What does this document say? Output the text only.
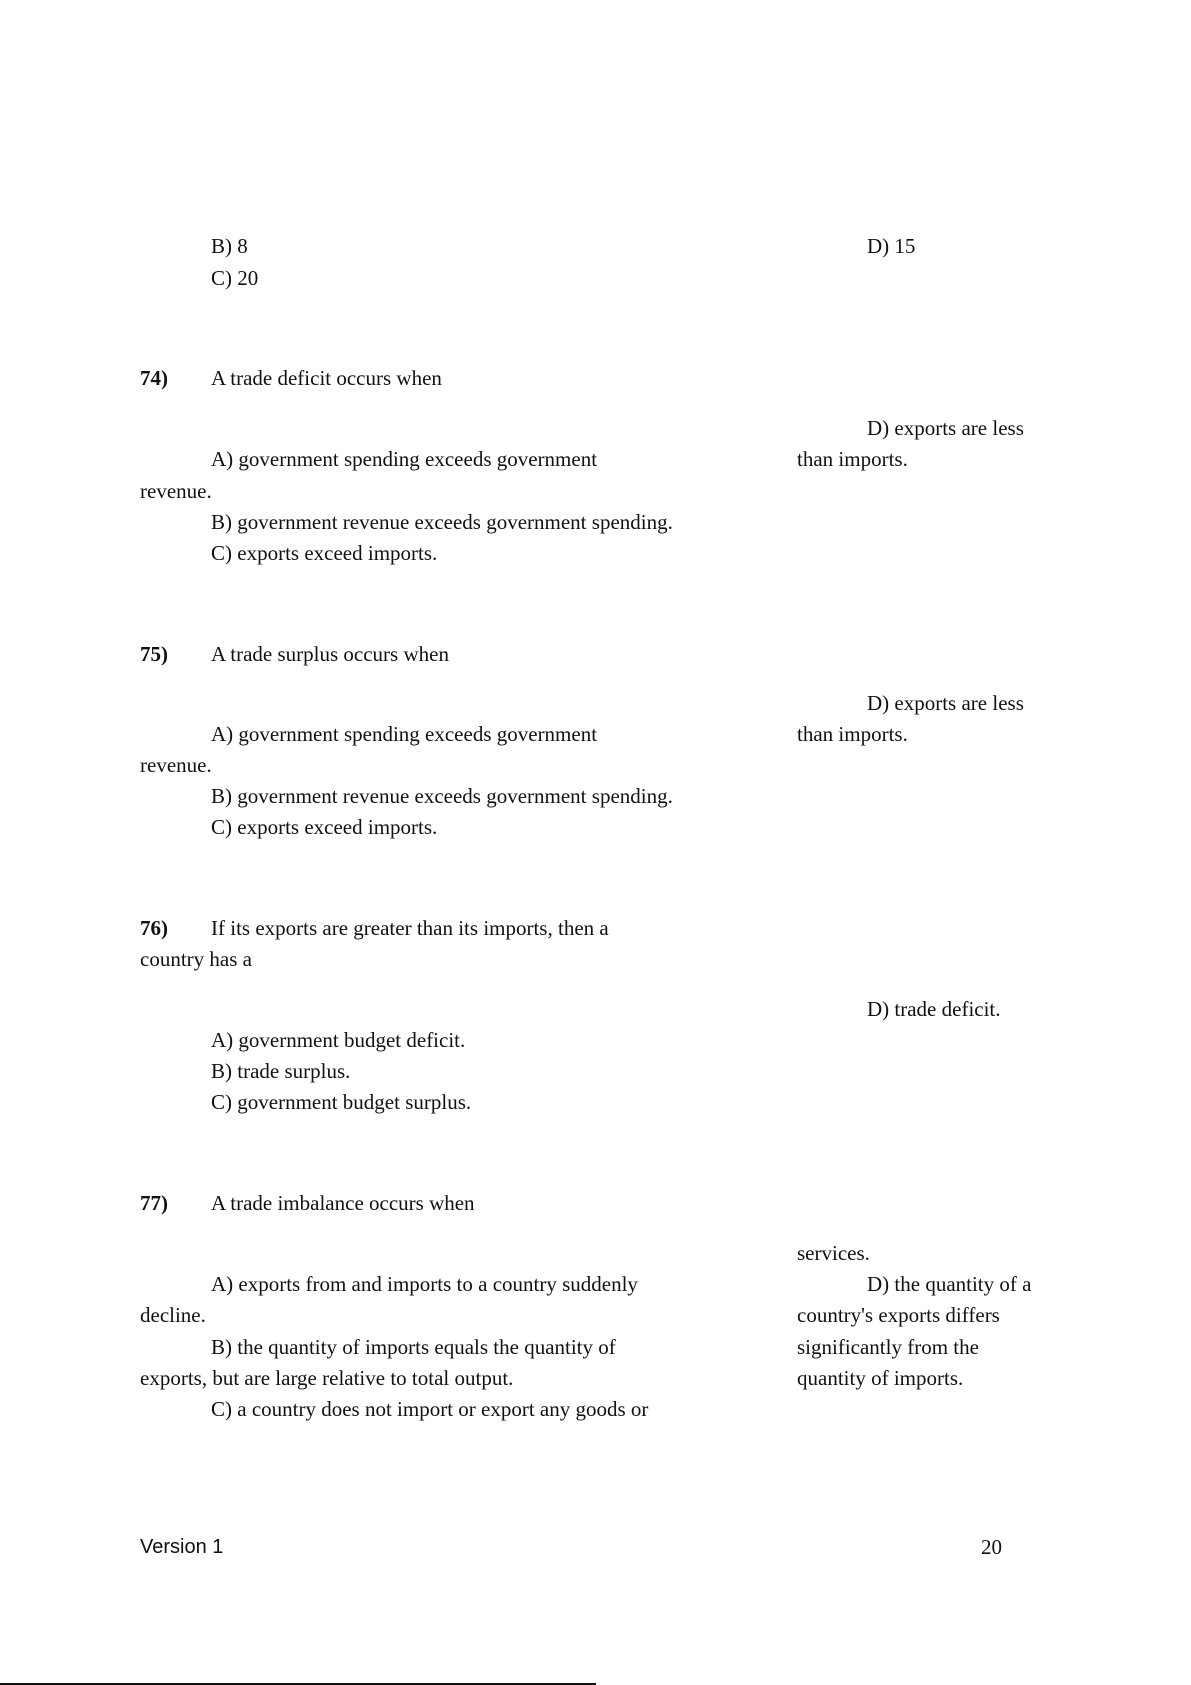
B) 8
C) 20
D) 15
74) A trade deficit occurs when
D) exports are less
than imports.
A) government spending exceeds government
revenue.
B) government revenue exceeds government spending.
C) exports exceed imports.
75) A trade surplus occurs when
D) exports are less
than imports.
A) government spending exceeds government
revenue.
B) government revenue exceeds government spending.
C) exports exceed imports.
76) If its exports are greater than its imports, then a
country has a
D) trade deficit.
A) government budget deficit.
B) trade surplus.
C) government budget surplus.
77) A trade imbalance occurs when
services.
D) the quantity of a
country's exports differs
significantly from the
quantity of imports.
A) exports from and imports to a country suddenly
decline.
B) the quantity of imports equals the quantity of
exports, but are large relative to total output.
C) a country does not import or export any goods or
Version 1	20
